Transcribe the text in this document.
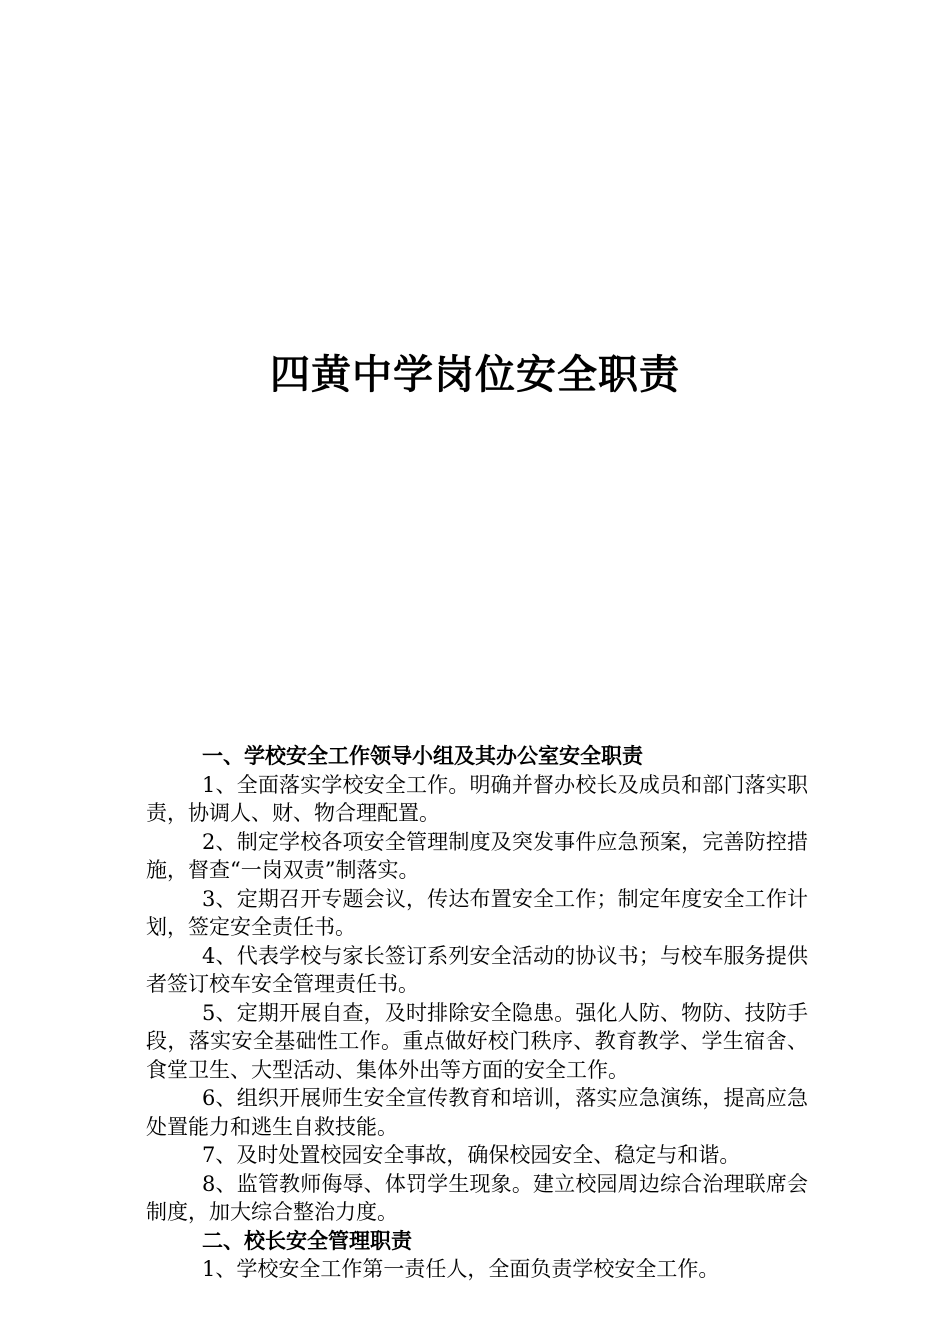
四黄中学岗位安全职责
一、学校安全工作领导小组及其办公室安全职责

1、全面落实学校安全工作。明确并督办校长及成员和部门落实职责，协调人、财、物合理配置。

2、制定学校各项安全管理制度及突发事件应急预案，完善防控措施，督查“一岗双责”制落实。

3、定期召开专题会议，传达布置安全工作；制定年度安全工作计划，签定安全责任书。

4、代表学校与家长签订系列安全活动的协议书；与校车服务提供者签订校车安全管理责任书。

5、定期开展自查，及时排除安全隐患。强化人防、物防、技防手段，落实安全基础性工作。重点做好校门秩序、教育教学、学生宿舍、食堂卫生、大型活动、集体外出等方面的安全工作。

6、组织开展师生安全宣传教育和培训，落实应急演练，提高应急处置能力和逃生自救技能。

7、及时处置校园安全事故，确保校园安全、稳定与和谐。

8、监管教师侮辱、体罚学生现象。建立校园周边综合治理联席会制度，加大综合整治力度。

二、校长安全管理职责

1、学校安全工作第一责任人，全面负责学校安全工作。
